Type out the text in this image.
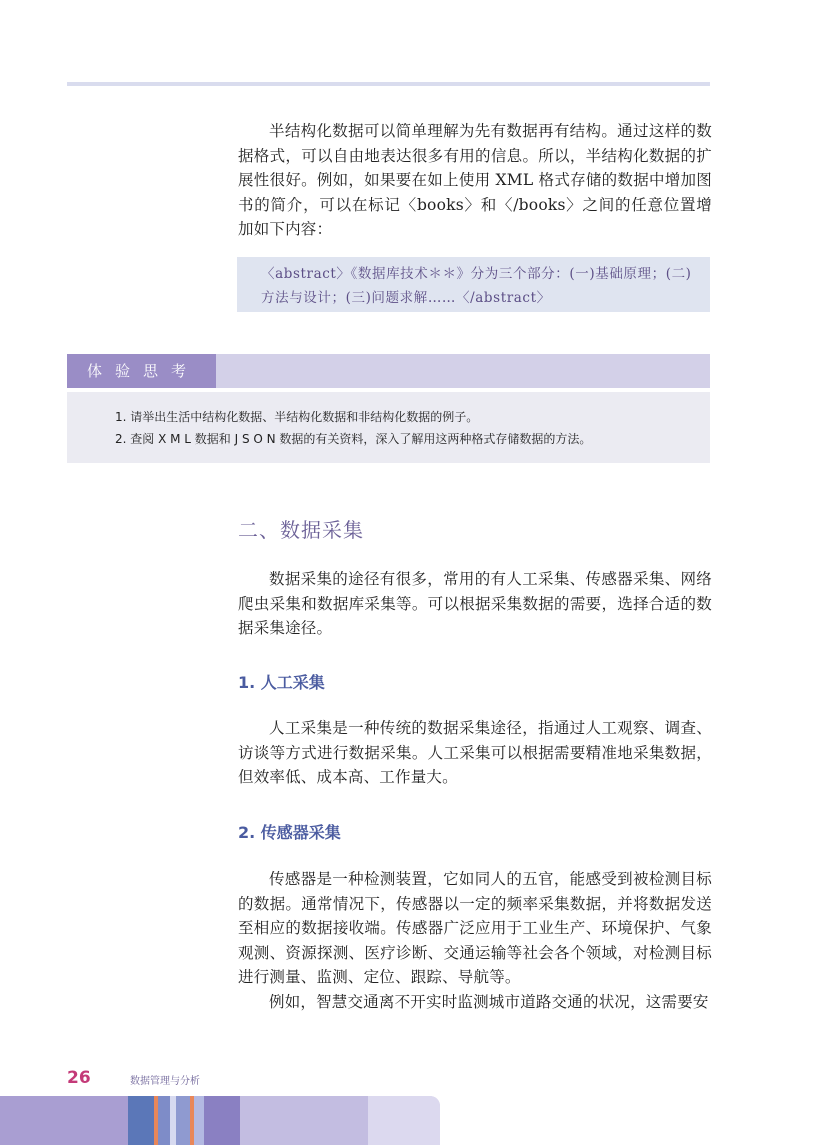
半结构化数据可以简单理解为先有数据再有结构。通过这样的数据格式，可以自由地表达很多有用的信息。所以，半结构化数据的扩展性很好。例如，如果要在如上使用 XML 格式存储的数据中增加图书的简介，可以在标记〈books〉和〈/books〉之间的任意位置增加如下内容：

〈abstract〉《数据库技术＊＊》分为三个部分：(一)基础原理；(二)方法与设计；(三)问题求解……〈/abstract〉

体验思考

1. 请举出生活中结构化数据、半结构化数据和非结构化数据的例子。

2. 查阅 X M L 数据和 J S O N 数据的有关资料，深入了解用这两种格式存储数据的方法。

二、数据采集

数据采集的途径有很多，常用的有人工采集、传感器采集、网络爬虫采集和数据库采集等。可以根据采集数据的需要，选择合适的数据采集途径。

1. 人工采集

人工采集是一种传统的数据采集途径，指通过人工观察、调查、访谈等方式进行数据采集。人工采集可以根据需要精准地采集数据，但效率低、成本高、工作量大。

2. 传感器采集

传感器是一种检测装置，它如同人的五官，能感受到被检测目标的数据。通常情况下，传感器以一定的频率采集数据，并将数据发送至相应的数据接收端。传感器广泛应用于工业生产、环境保护、气象观测、资源探测、医疗诊断、交通运输等社会各个领域，对检测目标进行测量、监测、定位、跟踪、导航等。

例如，智慧交通离不开实时监测城市道路交通的状况，这需要安

26	数据管理与分析
